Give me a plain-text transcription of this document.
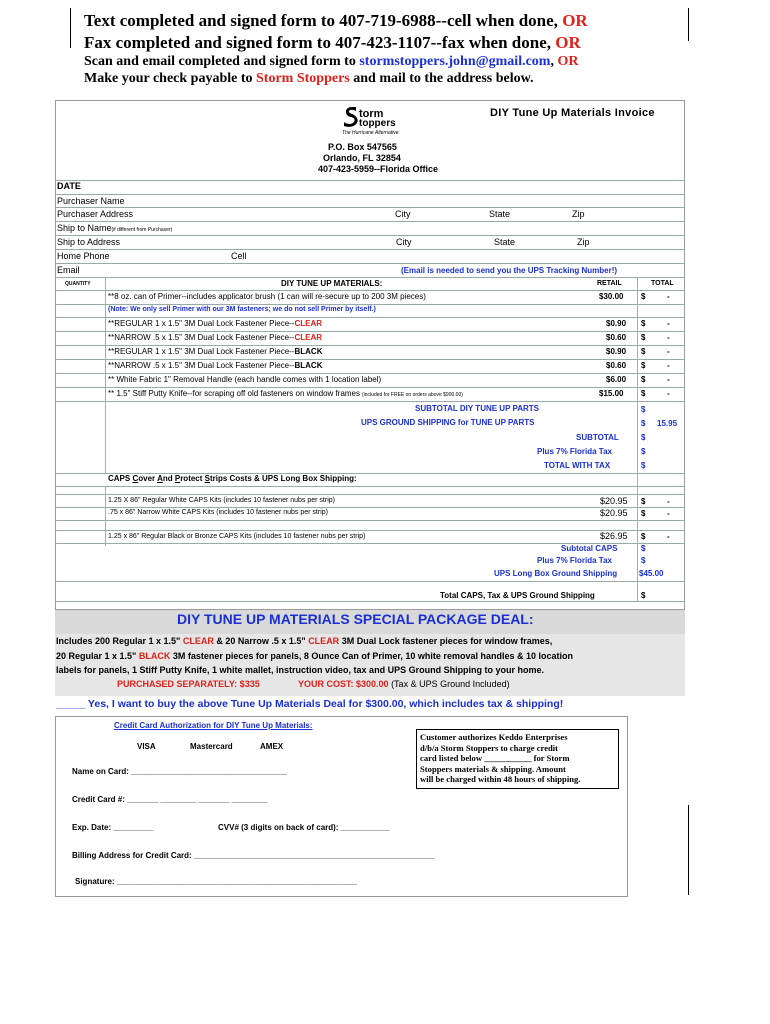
Text completed and signed form to 407-719-6988--cell when done, OR
Fax completed and signed form to 407-423-1107--fax when done, OR
Scan and email completed and signed form to stormstoppers.john@gmail.com, OR
Make your check payable to Storm Stoppers and mail to the address below.
DIY Tune Up Materials Invoice
torm
toppers
The Hurricane Alternative
P.O. Box 547565
Orlando, FL 32854
407-423-5959--Florida Office
DATE
Purchaser Name
Purchaser Address	City	State	Zip
Ship to Name(if different from Purchaser)
Ship to Address	City	State	Zip
Home Phone	Cell
Email	(Email is needed to send you the UPS Tracking Number!)
QUANTITY	DIY TUNE UP MATERIALS:	RETAIL	TOTAL
**8 oz. can of Primer--includes applicator brush (1 can will re-secure up to 200 3M pieces)	$30.00 $	-
(Note: We only sell Primer with our 3M fasteners; we do not sell Primer by itself.)
**REGULAR 1 x 1.5" 3M Dual Lock Fastener Piece--CLEAR	$0.90 $	-
**NARROW .5 x 1.5" 3M Dual Lock Fastener Piece--CLEAR	$0.60 $	-
**REGULAR 1 x 1.5" 3M Dual Lock Fastener Piece--BLACK	$0.90 $	-
**NARROW .5 x 1.5" 3M Dual Lock Fastener Piece--BLACK	$0.60 $	-
** White Fabric 1" Removal Handle (each handle comes with 1 location label)	$6.00 $	-
** 1.5" Stiff Putty Knife--for scraping off old fasteners on window frames (included for FREE on orders above $900.00)	$15.00 $	-
SUBTOTAL DIY TUNE UP PARTS	$
UPS GROUND SHIPPING for TUNE UP PARTS	$ 15.95
SUBTOTAL	$
Plus 7% Florida Tax	$
TOTAL WITH TAX	$
CAPS Cover And Protect Strips Costs & UPS Long Box Shipping:
1.25 X 86" Regular White CAPS Kits (includes 10 fastener nubs per strip)	$20.95 $	-
.75 x 86" Narrow White CAPS Kits (includes 10 fastener nubs per strip)	$20.95 $	-
1.25 x 86" Regular Black or Bronze CAPS Kits (includes 10 fastener nubs per strip)	$26.95 $	-
Subtotal CAPS	$
Plus 7% Florida Tax	$
UPS Long Box Ground Shipping	$45.00
Total CAPS, Tax & UPS Ground Shipping	$
DIY TUNE UP MATERIALS SPECIAL PACKAGE DEAL:
Includes 200 Regular 1 x 1.5" CLEAR & 20 Narrow .5 x 1.5" CLEAR 3M Dual Lock fastener pieces for window frames,
20 Regular 1 x 1.5" BLACK 3M fastener pieces for panels, 8 Ounce Can of Primer, 10 white removal handles & 10 location
labels for panels, 1 Stiff Putty Knife, 1 white mallet, instruction video, tax and UPS Ground Shipping to your home.
PURCHASED SEPARATELY: $335	YOUR COST: $300.00 (Tax & UPS Ground Included)
_____ Yes, I want to buy the above Tune Up Materials Deal for $300.00, which includes tax & shipping!
Credit Card Authorization for DIY Tune Up Materials:
VISA	Mastercard	AMEX
Name on Card: ___________________________________
Credit Card #: _______ ________ _______ ________
Exp. Date: _________	CVV# (3 digits on back of card): ___________
Billing Address for Credit Card: ______________________________________________________
Signature: ______________________________________________________
Customer authorizes Keddo Enterprises
d/b/a Storm Stoppers to charge credit
card listed below ___________ for Storm
Stoppers materials & shipping. Amount
will be charged within 48 hours of shipping.
